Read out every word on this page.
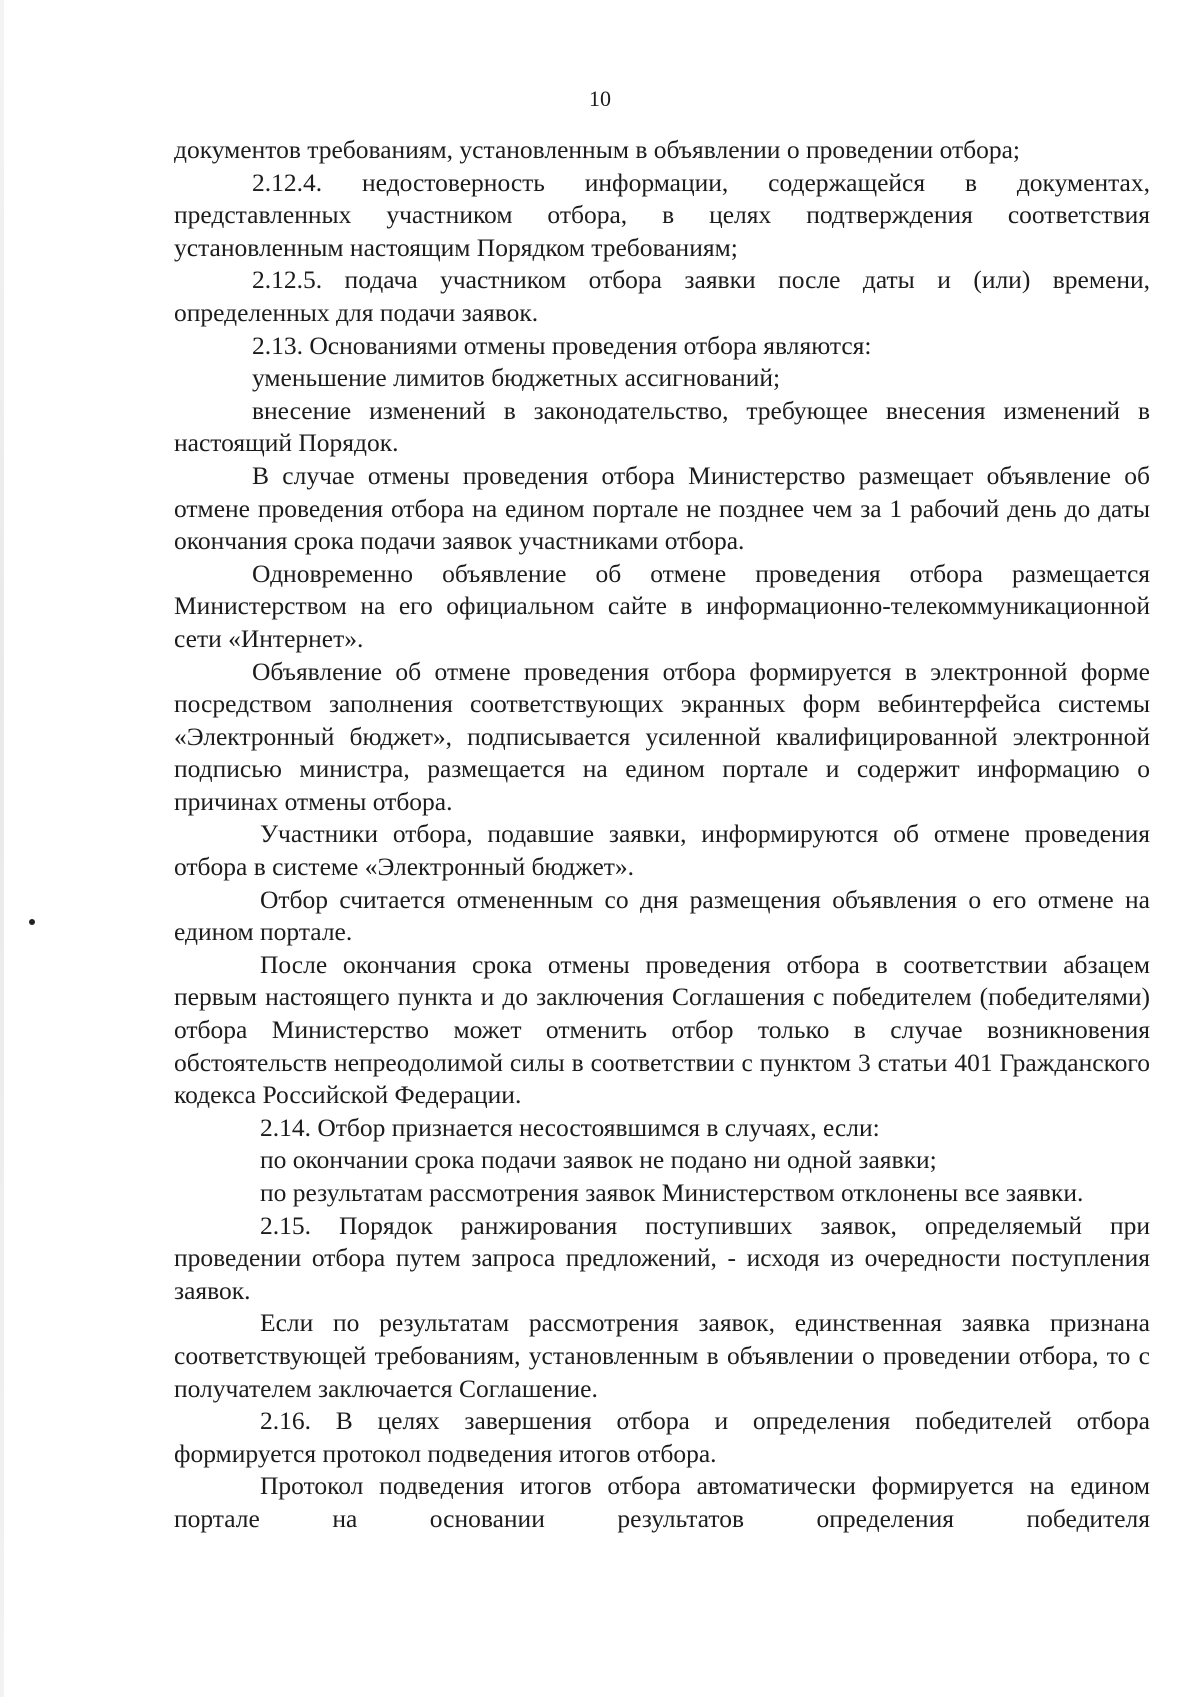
10

документов требованиям, установленным в объявлении о проведении отбора;

2.12.4. недостоверность информации, содержащейся в документах, представленных участником отбора, в целях подтверждения соответствия установленным настоящим Порядком требованиям;

2.12.5. подача участником отбора заявки после даты и (или) времени, определенных для подачи заявок.

2.13. Основаниями отмены проведения отбора являются:

уменьшение лимитов бюджетных ассигнований;

внесение изменений в законодательство, требующее внесения изменений в настоящий Порядок.

В случае отмены проведения отбора Министерство размещает объявление об отмене проведения отбора на едином портале не позднее чем за 1 рабочий день до даты окончания срока подачи заявок участниками отбора.

Одновременно объявление об отмене проведения отбора размещается Министерством на его официальном сайте в информационно-телекоммуникационной сети «Интернет».

Объявление об отмене проведения отбора формируется в электронной форме посредством заполнения соответствующих экранных форм вебинтерфейса системы «Электронный бюджет», подписывается усиленной квалифицированной электронной подписью министра, размещается на едином портале и содержит информацию о причинах отмены отбора.

Участники отбора, подавшие заявки, информируются об отмене проведения отбора в системе «Электронный бюджет».

Отбор считается отмененным со дня размещения объявления о его отмене на едином портале.

После окончания срока отмены проведения отбора в соответствии абзацем первым настоящего пункта и до заключения Соглашения с победителем (победителями) отбора Министерство может отменить отбор только в случае возникновения обстоятельств непреодолимой силы в соответствии с пунктом 3 статьи 401 Гражданского кодекса Российской Федерации.

2.14. Отбор признается несостоявшимся в случаях, если:

по окончании срока подачи заявок не подано ни одной заявки;

по результатам рассмотрения заявок Министерством отклонены все заявки.

2.15. Порядок ранжирования поступивших заявок, определяемый при проведении отбора путем запроса предложений, - исходя из очередности поступления заявок.

Если по результатам рассмотрения заявок, единственная заявка признана соответствующей требованиям, установленным в объявлении о проведении отбора, то с получателем заключается Соглашение.

2.16. В целях завершения отбора и определения победителей отбора формируется протокол подведения итогов отбора.

Протокол подведения итогов отбора автоматически формируется на едином портале на основании результатов определения победителя
